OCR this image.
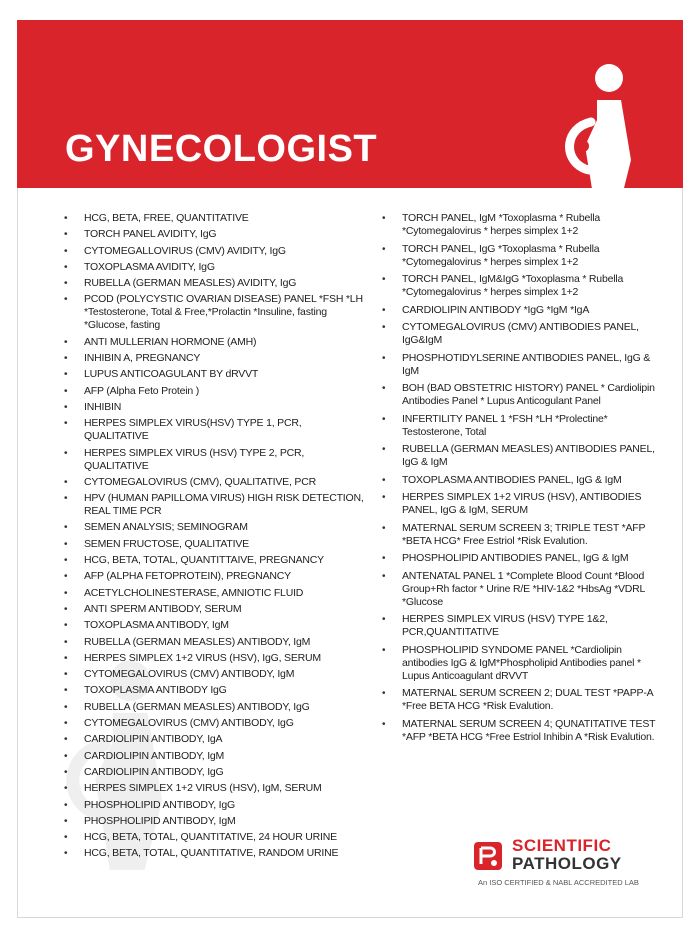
GYNECOLOGIST
• HCG, BETA, FREE, QUANTITATIVE
• TORCH PANEL AVIDITY, IgG
• CYTOMEGALLOVIRUS (CMV) AVIDITY, IgG
• TOXOPLASMA AVIDITY, IgG
• RUBELLA (GERMAN MEASLES) AVIDITY, IgG
• PCOD (POLYCYSTIC OVARIAN DISEASE) PANEL *FSH *LH *Testosterone, Total & Free,*Prolactin *Insuline, fasting *Glucose, fasting
• ANTI MULLERIAN HORMONE (AMH)
• INHIBIN A, PREGNANCY
• LUPUS ANTICOAGULANT BY dRVVT
• AFP (Alpha Feto Protein )
• INHIBIN
• HERPES SIMPLEX VIRUS(HSV) TYPE 1, PCR, QUALITATIVE
• HERPES SIMPLEX VIRUS (HSV) TYPE 2, PCR, QUALITATIVE
• CYTOMEGALOVIRUS (CMV), QUALITATIVE, PCR
• HPV (HUMAN PAPILLOMA VIRUS) HIGH RISK DETECTION, REAL TIME PCR
• SEMEN ANALYSIS; SEMINOGRAM
• SEMEN FRUCTOSE, QUALITATIVE
• HCG, BETA, TOTAL, QUANTITTAIVE, PREGNANCY
• AFP (ALPHA FETOPROTEIN), PREGNANCY
• ACETYLCHOLINESTERASE, AMNIOTIC FLUID
• ANTI SPERM ANTIBODY, SERUM
• TOXOPLASMA ANTIBODY, IgM
• RUBELLA (GERMAN MEASLES) ANTIBODY, IgM
• HERPES SIMPLEX 1+2 VIRUS (HSV), IgG, SERUM
• CYTOMEGALOVIRUS (CMV) ANTIBODY, IgM
• TOXOPLASMA ANTIBODY IgG
• RUBELLA (GERMAN MEASLES) ANTIBODY, IgG
• CYTOMEGALOVIRUS (CMV) ANTIBODY, IgG
• CARDIOLIPIN ANTIBODY, IgA
• CARDIOLIPIN ANTIBODY, IgM
• CARDIOLIPIN ANTIBODY, IgG
• HERPES SIMPLEX 1+2 VIRUS (HSV), IgM, SERUM
• PHOSPHOLIPID ANTIBODY, IgG
• PHOSPHOLIPID ANTIBODY, IgM
• HCG, BETA, TOTAL, QUANTITATIVE, 24 HOUR URINE
• HCG, BETA, TOTAL, QUANTITATIVE, RANDOM URINE
• TORCH PANEL, IgM *Toxoplasma * Rubella *Cytomegalovirus * herpes simplex 1+2
• TORCH PANEL, IgG *Toxoplasma * Rubella *Cytomegalovirus * herpes simplex 1+2
• TORCH PANEL, IgM&IgG *Toxoplasma * Rubella *Cytomegalovirus * herpes simplex 1+2
• CARDIOLIPIN ANTIBODY *IgG *IgM *IgA
• CYTOMEGALOVIRUS (CMV) ANTIBODIES PANEL, IgG&IgM
• PHOSPHOTIDYLSERINE ANTIBODIES PANEL, IgG & IgM
• BOH (BAD OBSTETRIC HISTORY) PANEL * Cardiolipin Antibodies Panel * Lupus Anticogulant Panel
• INFERTILITY PANEL 1 *FSH *LH *Prolectine* Testosterone, Total
• RUBELLA (GERMAN MEASLES) ANTIBODIES PANEL, IgG & IgM
• TOXOPLASMA ANTIBODIES PANEL, IgG & IgM
• HERPES SIMPLEX 1+2 VIRUS (HSV), ANTIBODIES PANEL, IgG & IgM, SERUM
• MATERNAL SERUM SCREEN 3; TRIPLE TEST *AFP *BETA HCG* Free Estriol *Risk Evalution.
• PHOSPHOLIPID ANTIBODIES PANEL, IgG & IgM
• ANTENATAL PANEL 1 *Complete Blood Count *Blood Group+Rh factor * Urine R/E *HIV-1&2 *HbsAg *VDRL *Glucose
• HERPES SIMPLEX VIRUS (HSV) TYPE 1&2, PCR,QUANTITATIVE
• PHOSPHOLIPID SYNDOME PANEL *Cardiolipin antibodies IgG & IgM*Phospholipid Antibodies panel * Lupus Anticoagulant dRVVT
• MATERNAL SERUM SCREEN 2; DUAL TEST *PAPP-A *Free BETA HCG *Risk Evalution.
• MATERNAL SERUM SCREEN 4; QUNATITATIVE TEST *AFP *BETA HCG *Free Estriol Inhibin A *Risk Evalution.
SCIENTIFIC
PATHOLOGY
An ISO CERTIFIED & NABL ACCREDITED LAB
